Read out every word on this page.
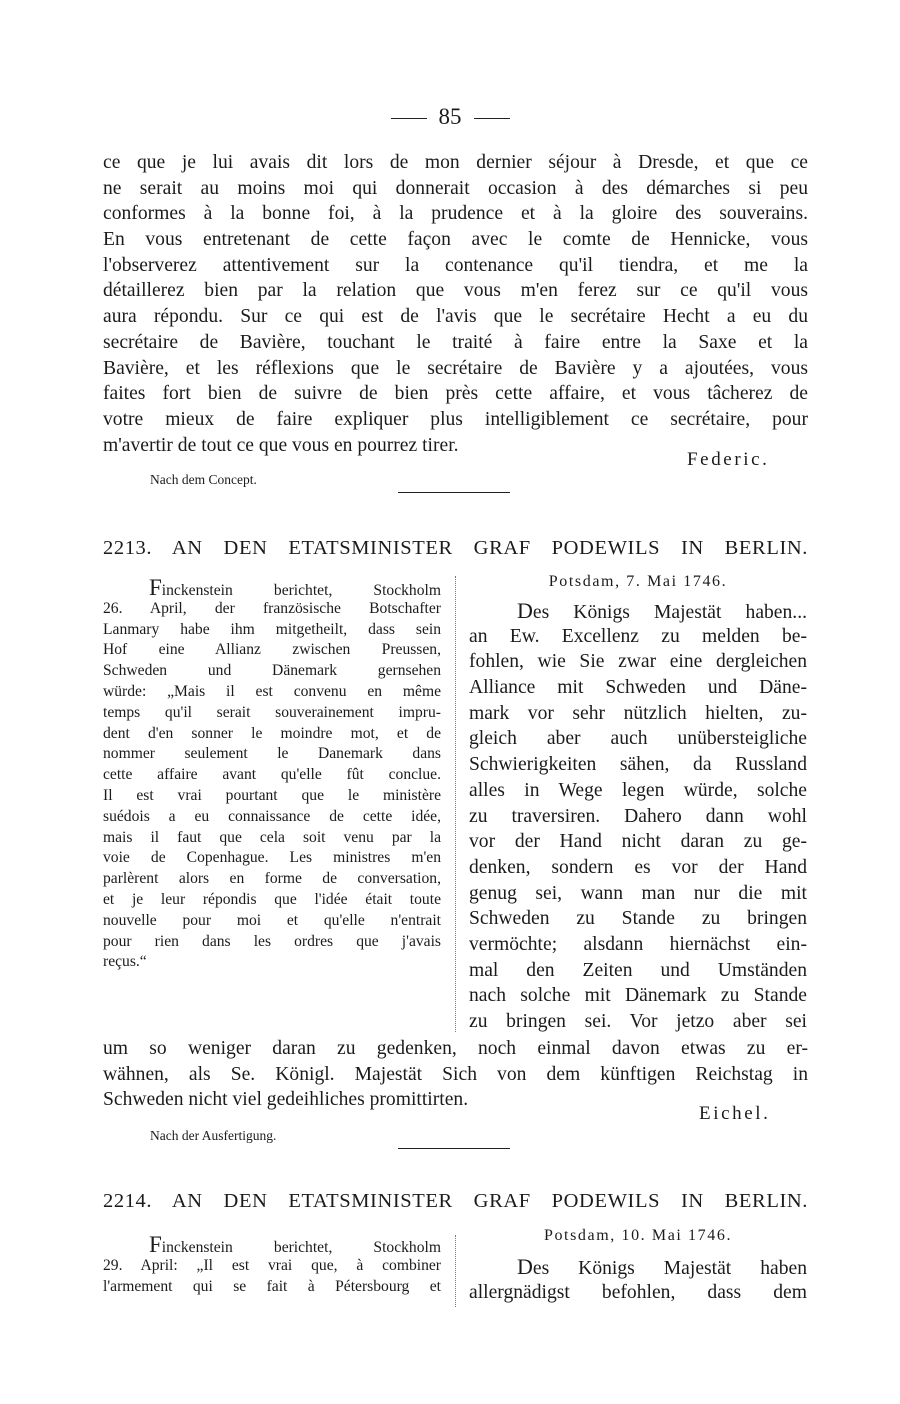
85
ce que je lui avais dit lors de mon dernier séjour à Dresde, et que ce
ne serait au moins moi qui donnerait occasion à des démarches si peu
conformes à la bonne foi, à la prudence et à la gloire des souverains.
En vous entretenant de cette façon avec le comte de Hennicke, vous
l'observerez attentivement sur la contenance qu'il tiendra, et me la
détaillerez bien par la relation que vous m'en ferez sur ce qu'il vous
aura répondu. Sur ce qui est de l'avis que le secrétaire Hecht a eu du
secrétaire de Bavière, touchant le traité à faire entre la Saxe et la
Bavière, et les réflexions que le secrétaire de Bavière y a ajoutées, vous
faites fort bien de suivre de bien près cette affaire, et vous tâcherez de
votre mieux de faire expliquer plus intelligiblement ce secrétaire, pour
m'avertir de tout ce que vous en pourrez tirer.
Federic.
Nach dem Concept.
2213. AN DEN ETATSMINISTER GRAF PODEWILS IN BERLIN.
Finckenstein berichtet, Stockholm
26. April, der französische Botschafter
Lanmary habe ihm mitgetheilt, dass sein
Hof eine Allianz zwischen Preussen,
Schweden und Dänemark gernsehen
würde: „Mais il est convenu en même
temps qu'il serait souverainement impru-
dent d'en sonner le moindre mot, et de
nommer seulement le Danemark dans
cette affaire avant qu'elle fût conclue.
Il est vrai pourtant que le ministère
suédois a eu connaissance de cette idée,
mais il faut que cela soit venu par la
voie de Copenhague. Les ministres m'en
parlèrent alors en forme de conversation,
et je leur répondis que l'idée était toute
nouvelle pour moi et qu'elle n'entrait
pour rien dans les ordres que j'avais
reçus.“
Potsdam, 7. Mai 1746.
Des Königs Majestät haben...
an Ew. Excellenz zu melden be-
fohlen, wie Sie zwar eine dergleichen
Alliance mit Schweden und Däne-
mark vor sehr nützlich hielten, zu-
gleich aber auch unübersteigliche
Schwierigkeiten sähen, da Russland
alles in Wege legen würde, solche
zu traversiren. Dahero dann wohl
vor der Hand nicht daran zu ge-
denken, sondern es vor der Hand
genug sei, wann man nur die mit
Schweden zu Stande zu bringen
vermöchte; alsdann hiernächst ein-
mal den Zeiten und Umständen
nach solche mit Dänemark zu Stande
zu bringen sei. Vor jetzo aber sei
um so weniger daran zu gedenken, noch einmal davon etwas zu er-
wähnen, als Se. Königl. Majestät Sich von dem künftigen Reichstag in
Schweden nicht viel gedeihliches promittirten.
Eichel.
Nach der Ausfertigung.
2214. AN DEN ETATSMINISTER GRAF PODEWILS IN BERLIN.
Finckenstein berichtet, Stockholm
29. April: „Il est vrai que, à combiner
l'armement qui se fait à Pétersbourg et
Potsdam, 10. Mai 1746.
Des Königs Majestät haben
allergnädigst befohlen, dass dem
